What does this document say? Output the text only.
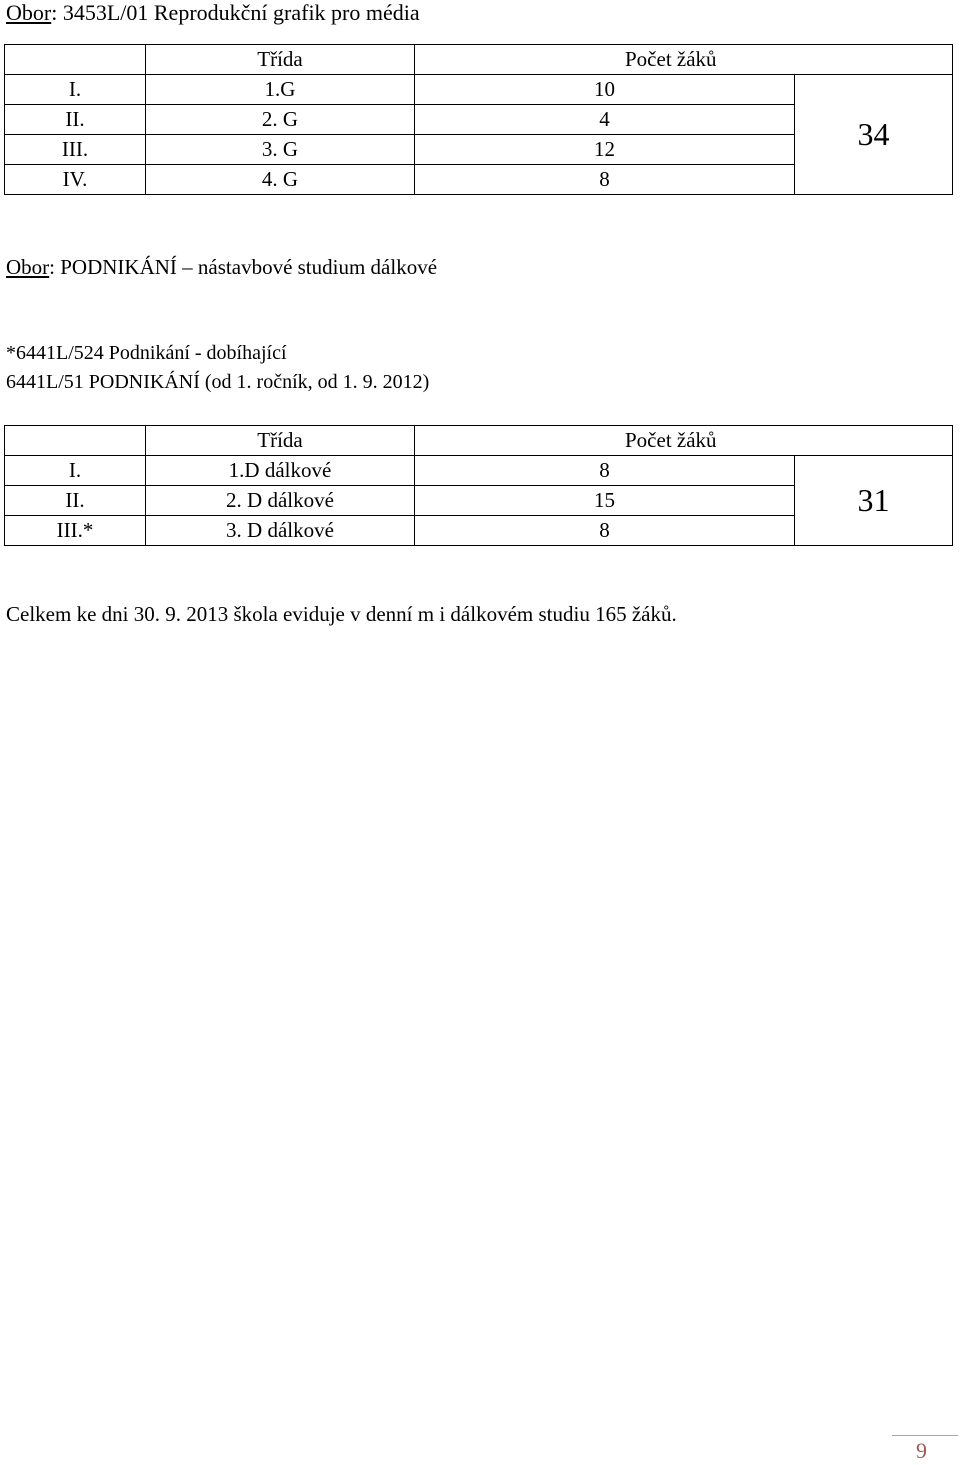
Obor: 3453L/01 Reprodukční grafik pro média
	Třída	Počet žáků	
I.	1.G	10	34
II.	2. G	4	
III.	3. G	12	
IV.	4. G	8	
Obor: PODNIKÁNÍ – nástavbové studium dálkové
*6441L/524 Podnikání - dobíhající
6441L/51 PODNIKÁNÍ (od 1. ročník, od 1. 9. 2012)
	Třída	Počet žáků	
I.	1.D dálkové	8	31
II.	2. D dálkové	15	
III.*	3. D dálkové	8	
Celkem ke dni 30. 9. 2013 škola eviduje v denní m i dálkovém studiu 165 žáků.
9
